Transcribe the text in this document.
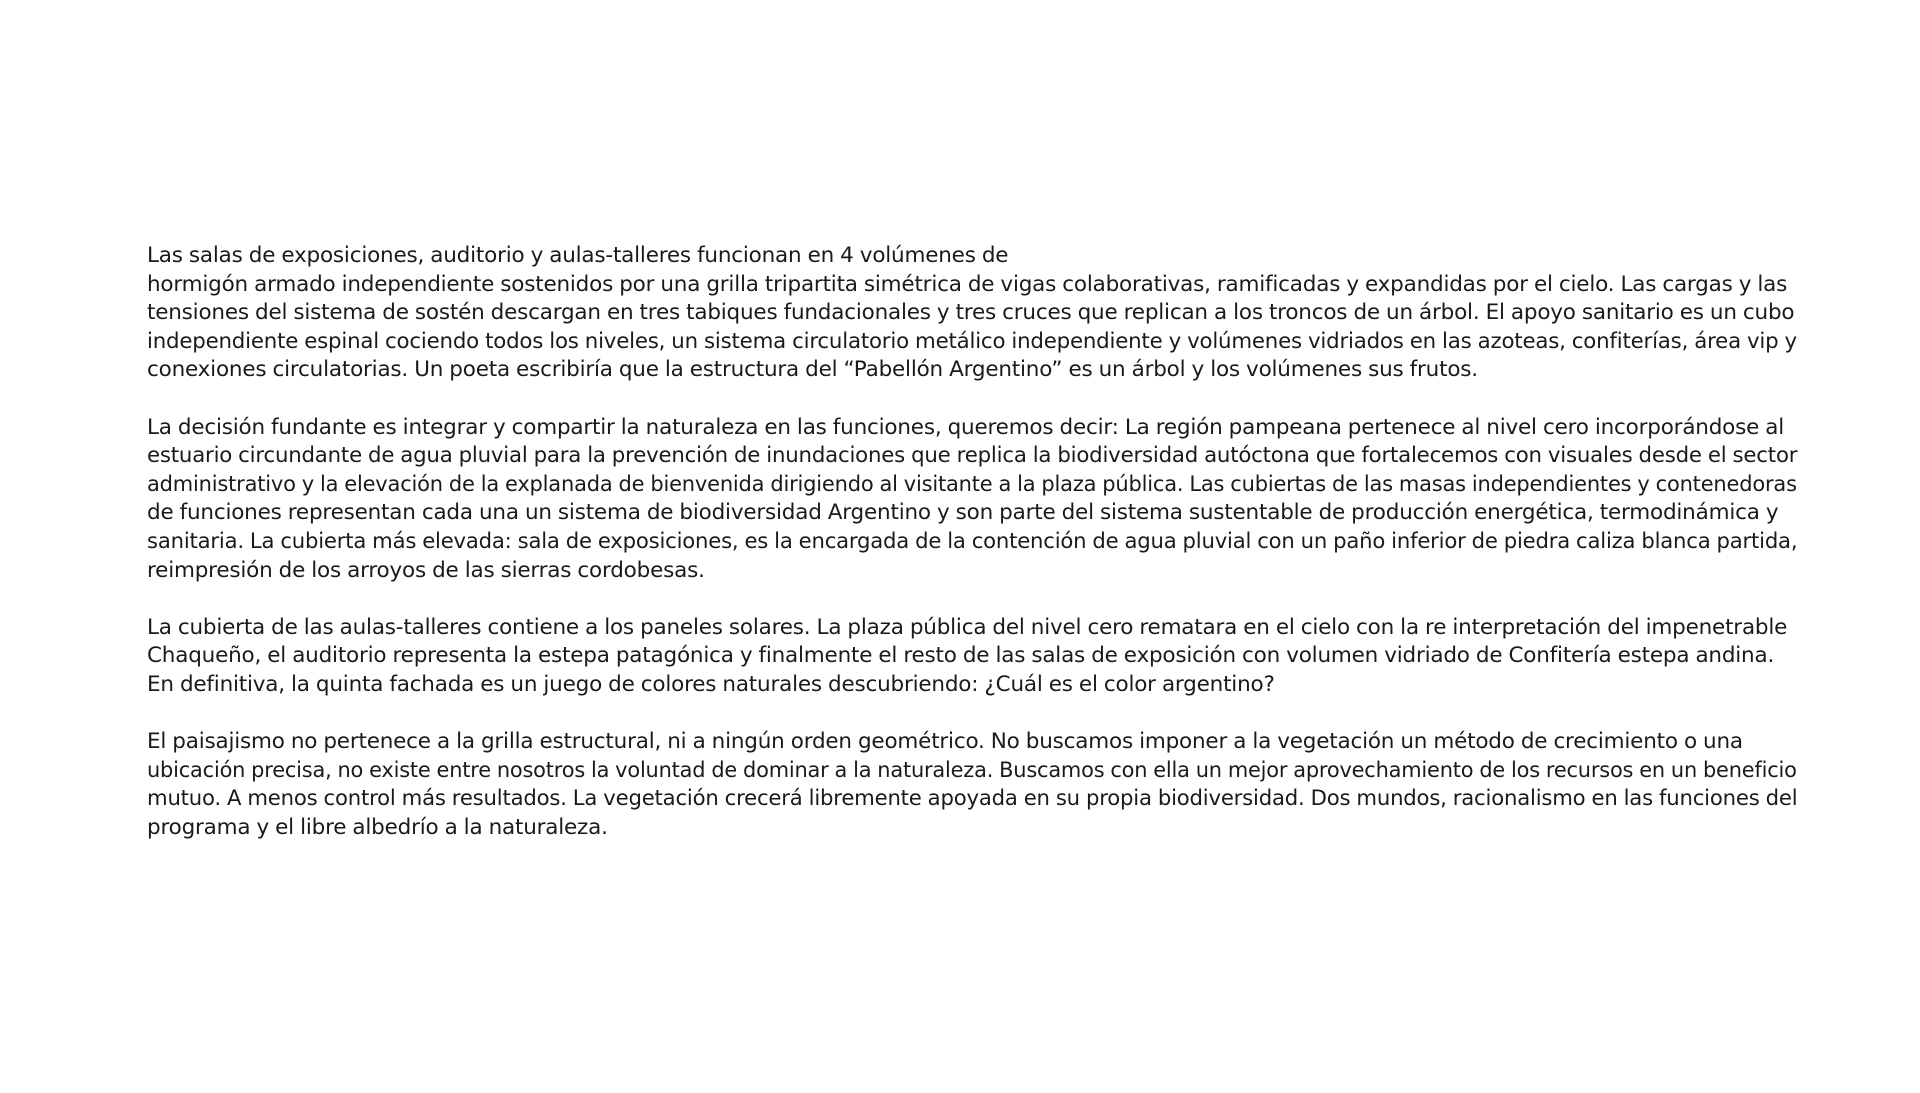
Las salas de exposiciones, auditorio y aulas-talleres funcionan en 4 volúmenes de
hormigón armado independiente sostenidos por una grilla tripartita simétrica de vigas colaborativas, ramificadas y expandidas por el cielo. Las cargas y las
tensiones del sistema de sostén descargan en tres tabiques fundacionales y tres cruces que replican a los troncos de un árbol. El apoyo sanitario es un cubo
independiente espinal cociendo todos los niveles, un sistema circulatorio metálico independiente y volúmenes vidriados en las azoteas, confiterías, área vip y
conexiones circulatorias. Un poeta escribiría que la estructura del “Pabellón Argentino” es un árbol y los volúmenes sus frutos.

La decisión fundante es integrar y compartir la naturaleza en las funciones, queremos decir: La región pampeana pertenece al nivel cero incorporándose al
estuario circundante de agua pluvial para la prevención de inundaciones que replica la biodiversidad autóctona que fortalecemos con visuales desde el sector
administrativo y la elevación de la explanada de bienvenida dirigiendo al visitante a la plaza pública. Las cubiertas de las masas independientes y contenedoras
de funciones representan cada una un sistema de biodiversidad Argentino y son parte del sistema sustentable de producción energética, termodinámica y
sanitaria. La cubierta más elevada: sala de exposiciones, es la encargada de la contención de agua pluvial con un paño inferior de piedra caliza blanca partida,
reimpresión de los arroyos de las sierras cordobesas.

La cubierta de las aulas-talleres contiene a los paneles solares. La plaza pública del nivel cero rematara en el cielo con la re interpretación del impenetrable
Chaqueño, el auditorio representa la estepa patagónica y finalmente el resto de las salas de exposición con volumen vidriado de Confitería estepa andina.
En definitiva, la quinta fachada es un juego de colores naturales descubriendo: ¿Cuál es el color argentino?

El paisajismo no pertenece a la grilla estructural, ni a ningún orden geométrico. No buscamos imponer a la vegetación un método de crecimiento o una
ubicación precisa, no existe entre nosotros la voluntad de dominar a la naturaleza. Buscamos con ella un mejor aprovechamiento de los recursos en un beneficio
mutuo. A menos control más resultados. La vegetación crecerá libremente apoyada en su propia biodiversidad. Dos mundos, racionalismo en las funciones del
programa y el libre albedrío a la naturaleza.
